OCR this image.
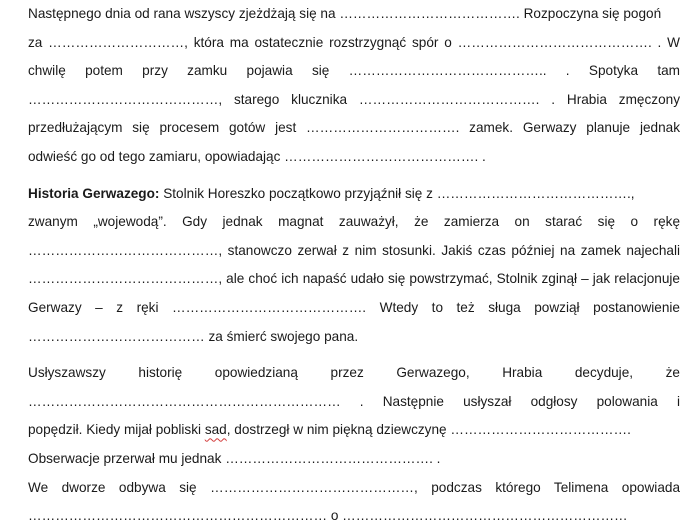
Następnego dnia od rana wszyscy zjeżdżają się na …………………………………. Rozpoczyna się pogoń
za …………………………, która ma ostatecznie rozstrzygnąć spór o ……………………………………. . W
chwilę potem przy zamku pojawia się …………………………………….. . Spotyka tam
……………………………………, starego klucznika …………………………………. . Hrabia zmęczony
przedłużającym się procesem gotów jest ……………………………. zamek. Gerwazy planuje jednak
odwieść go od tego zamiaru, opowiadając ……………………………………. .
Historia Gerwazego: Stolnik Horeszko początkowo przyjąźnił się z …………………………………….,
zwanym „wojewodą”. Gdy jednak magnat zauważył, że zamierza on starać się o rękę
……………………………………, stanowczo zerwał z nim stosunki. Jakiś czas później na zamek najechali
……………………………………, ale choć ich napaść udało się powstrzymać, Stolnik zginął – jak relacjonuje
Gerwazy – z ręki ……………………………………. Wtedy to też sługa powziął postanowienie
………………………………… za śmierć swojego pana.
Usłyszawszy historię opowiedzianą przez Gerwazego, Hrabia decyduje, że
…………………………………………………………… . Następnie usłyszał odgłosy polowania i
popędził. Kiedy mijał pobliski sad, dostrzegł w nim piękną dziewczynę ………………………………….
Obserwacje przerwał mu jednak ………………………………………. .
We dworze odbywa się ………………………………………, podczas którego Telimena opowiada
………………………………………………………… o ………………………………………………………
